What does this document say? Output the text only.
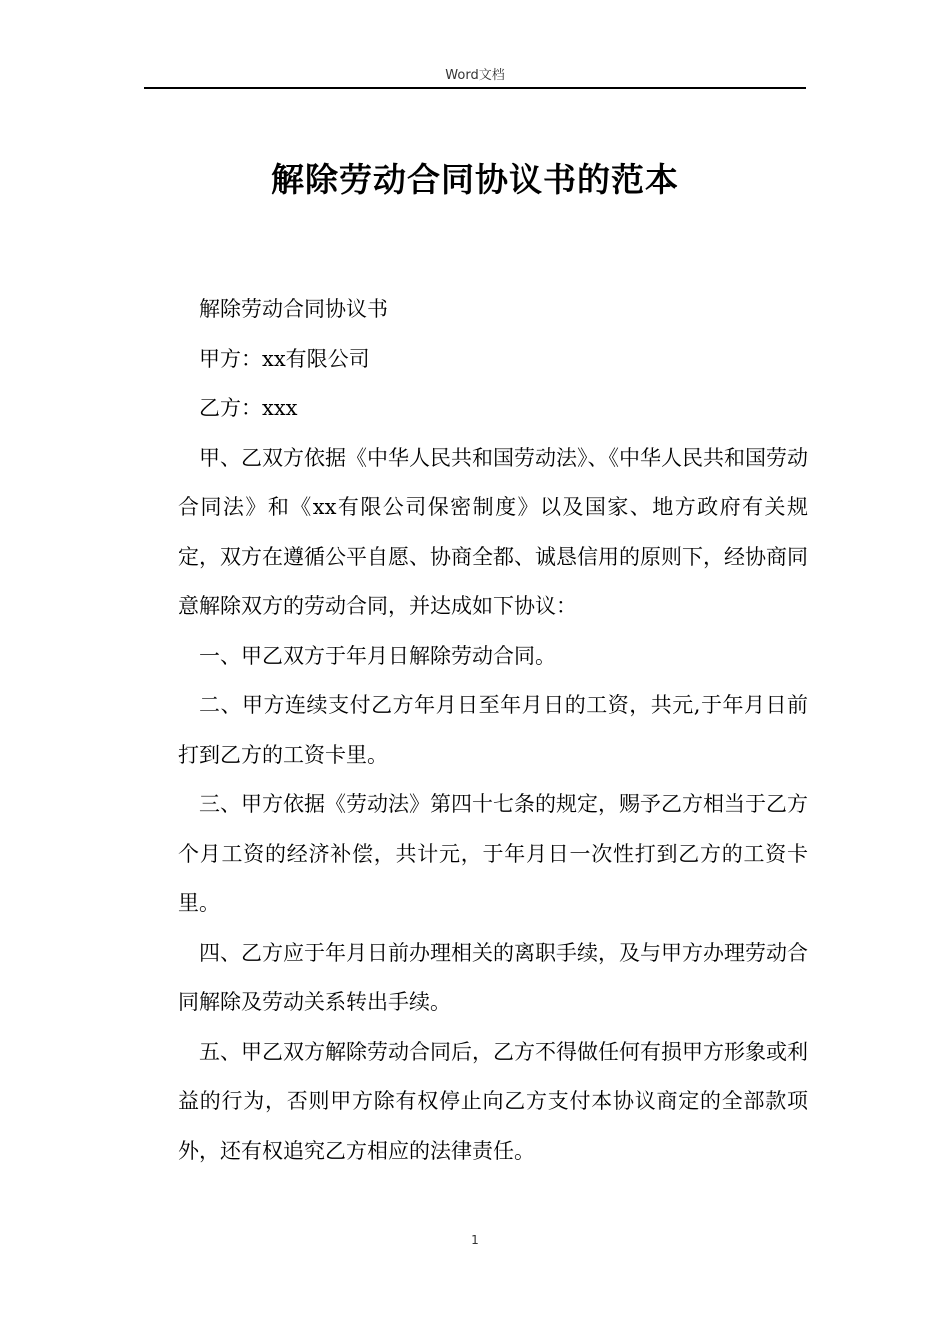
Word文档
解除劳动合同协议书的范本

解除劳动合同协议书

甲方：xx有限公司

乙方：xxx

甲、乙双方依据《中华人民共和国劳动法》、《中华人民共和国劳动合同法》和《xx有限公司保密制度》以及国家、地方政府有关规定，双方在遵循公平自愿、协商全都、诚恳信用的原则下，经协商同意解除双方的劳动合同，并达成如下协议：

一、甲乙双方于年月日解除劳动合同。

二、甲方连续支付乙方年月日至年月日的工资，共元,于年月日前打到乙方的工资卡里。

三、甲方依据《劳动法》第四十七条的规定，赐予乙方相当于乙方个月工资的经济补偿，共计元，于年月日一次性打到乙方的工资卡里。

四、乙方应于年月日前办理相关的离职手续，及与甲方办理劳动合同解除及劳动关系转出手续。

五、甲乙双方解除劳动合同后，乙方不得做任何有损甲方形象或利益的行为，否则甲方除有权停止向乙方支付本协议商定的全部款项外，还有权追究乙方相应的法律责任。

1
